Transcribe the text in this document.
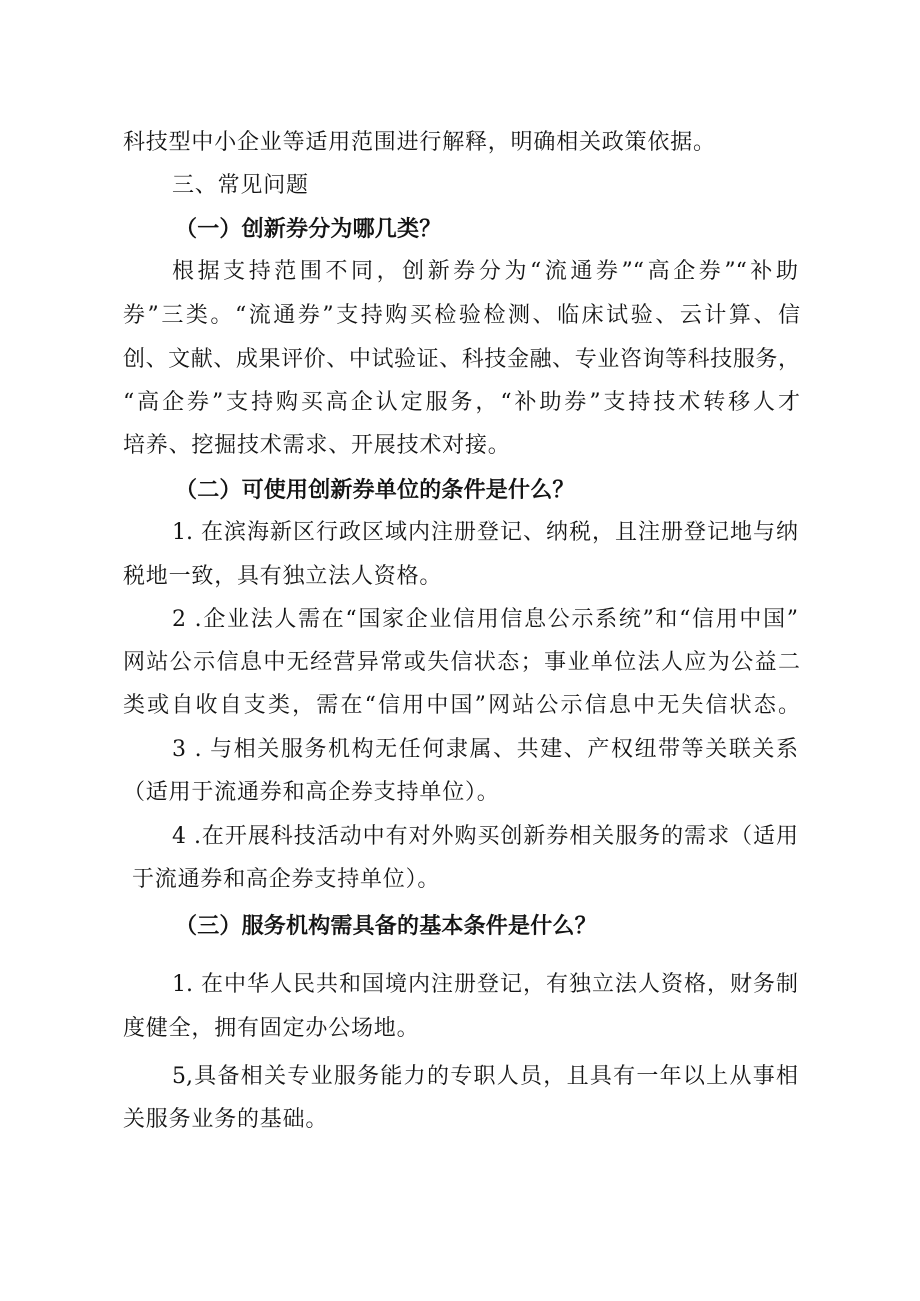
科技型中小企业等适用范围进行解释，明确相关政策依据。
三、常见问题
（一）创新券分为哪几类？
根据支持范围不同，创新券分为“流通券”“高企券”“补助
券”三类。“流通券”支持购买检验检测、临床试验、云计算、信
创、文献、成果评价、中试验证、科技金融、专业咨询等科技服务，
“高企券”支持购买高企认定服务，“补助券”支持技术转移人才
培养、挖掘技术需求、开展技术对接。
（二）可使用创新券单位的条件是什么？
1. 在滨海新区行政区域内注册登记、纳税，且注册登记地与纳
税地一致，具有独立法人资格。
2 .企业法人需在“国家企业信用信息公示系统”和“信用中国”
网站公示信息中无经营异常或失信状态；事业单位法人应为公益二
类或自收自支类，需在“信用中国”网站公示信息中无失信状态。
3 . 与相关服务机构无任何隶属、共建、产权纽带等关联关系
（适用于流通券和高企券支持单位）。
4 .在开展科技活动中有对外购买创新券相关服务的需求（适用
于流通券和高企券支持单位）。
（三）服务机构需具备的基本条件是什么？
1. 在中华人民共和国境内注册登记，有独立法人资格，财务制
度健全，拥有固定办公场地。
5,具备相关专业服务能力的专职人员，且具有一年以上从事相
关服务业务的基础。
